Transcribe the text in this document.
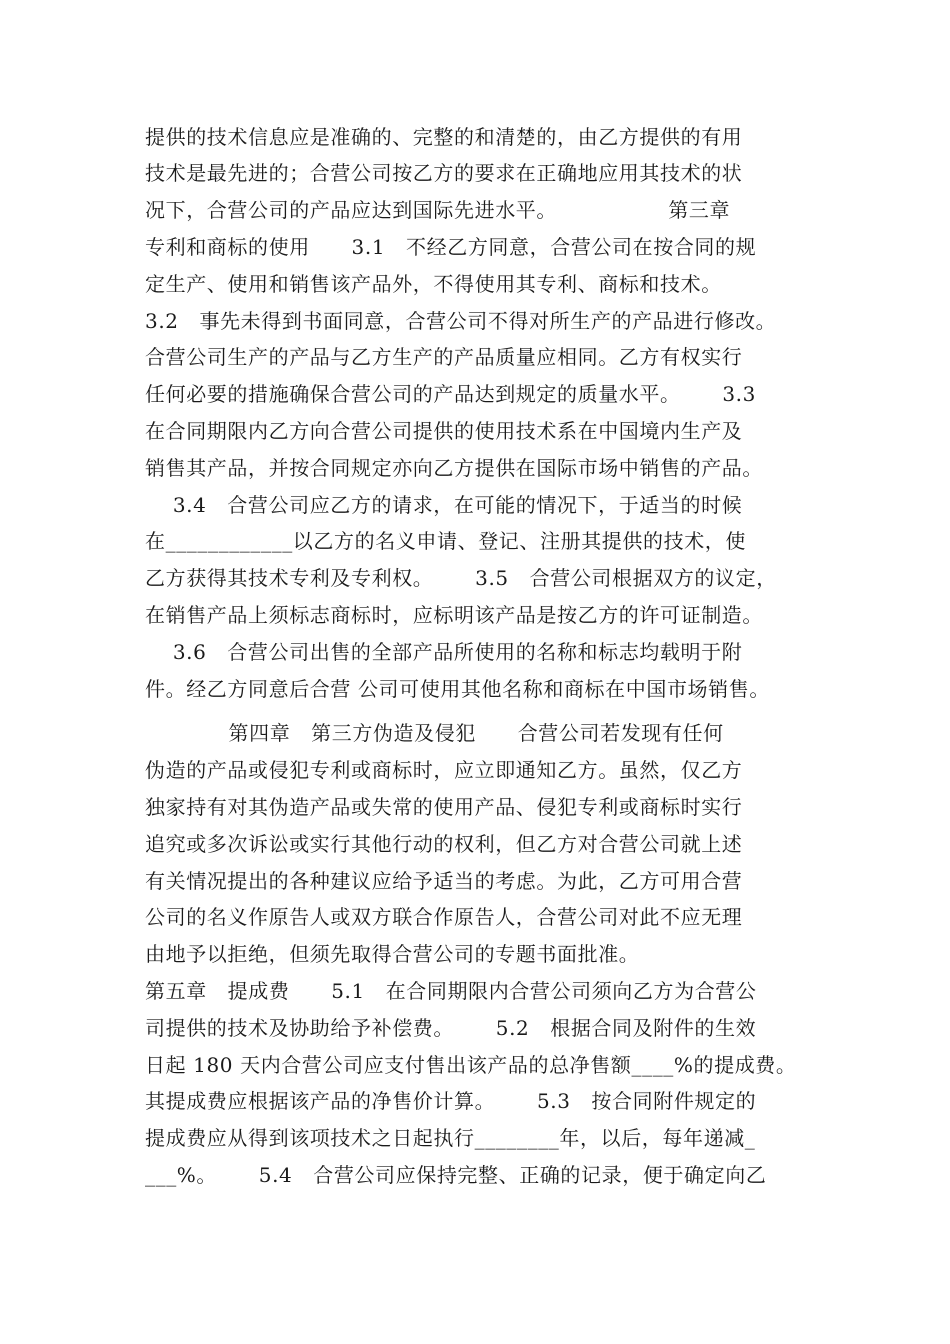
提供的技术信息应是准确的、完整的和清楚的，由乙方提供的有用

技术是最先进的；合营公司按乙方的要求在正确地应用其技术的状

况下，合营公司的产品应达到国际先进水平。                第三章

专利和商标的使用      3.1   不经乙方同意，合营公司在按合同的规

定生产、使用和销售该产品外，不得使用其专利、商标和技术。

3.2   事先未得到书面同意，合营公司不得对所生产的产品进行修改。

合营公司生产的产品与乙方生产的产品质量应相同。乙方有权实行

任何必要的措施确保合营公司的产品达到规定的质量水平。      3.3

在合同期限内乙方向合营公司提供的使用技术系在中国境内生产及

销售其产品，并按合同规定亦向乙方提供在国际市场中销售的产品。

3.4   合营公司应乙方的请求，在可能的情况下，于适当的时候

在____________以乙方的名义申请、登记、注册其提供的技术，使

乙方获得其技术专利及专利权。      3.5   合营公司根据双方的议定，

在销售产品上须标志商标时，应标明该产品是按乙方的许可证制造。

3.6   合营公司出售的全部产品所使用的名称和标志均载明于附

件。经乙方同意后合营 公司可使用其他名称和商标在中国市场销售。

第四章   第三方伪造及侵犯      合营公司若发现有任何

伪造的产品或侵犯专利或商标时，应立即通知乙方。虽然，仅乙方

独家持有对其伪造产品或失常的使用产品、侵犯专利或商标时实行

追究或多次诉讼或实行其他行动的权利，但乙方对合营公司就上述

有关情况提出的各种建议应给予适当的考虑。为此，乙方可用合营

公司的名义作原告人或双方联合作原告人，合营公司对此不应无理

由地予以拒绝，但须先取得合营公司的专题书面批准。

第五章   提成费      5.1   在合同期限内合营公司须向乙方为合营公

司提供的技术及协助给予补偿费。      5.2   根据合同及附件的生效

日起 180 天内合营公司应支付售出该产品的总净售额____%的提成费。

其提成费应根据该产品的净售价计算。      5.3   按合同附件规定的

提成费应从得到该项技术之日起执行________年，以后，每年递减_

___%。      5.4   合营公司应保持完整、正确的记录，便于确定向乙
